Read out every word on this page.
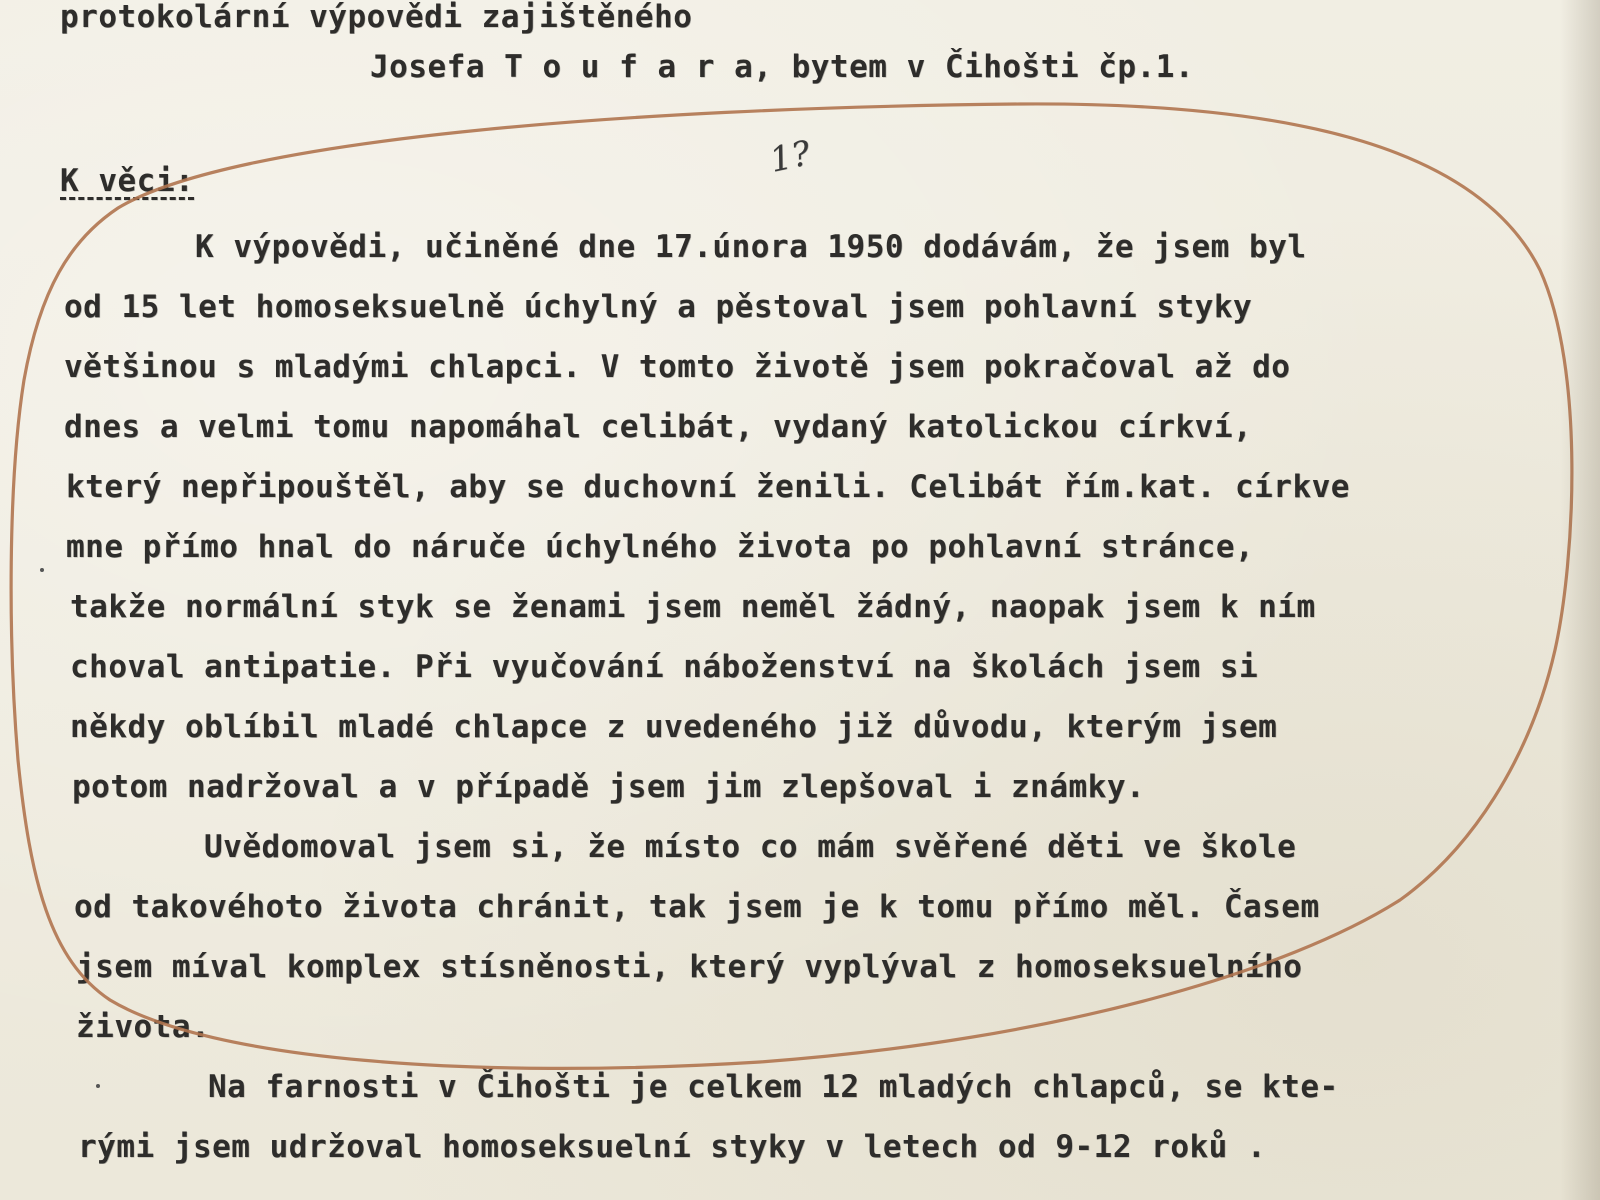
protokolární výpovědi zajištěného
Josefa T o u f a r a, bytem v Čihošti čp.1.
K věci:
1?
K výpovědi, učiněné dne 17.února 1950 dodávám, že jsem byl
od 15 let homoseksuelně úchylný a pěstoval jsem pohlavní styky
většinou s mladými chlapci. V tomto životě jsem pokračoval až do
dnes a velmi tomu napomáhal celibát, vydaný katolickou církví,
který nepřipouštěl, aby se duchovní ženili. Celibát řím.kat. církve
mne přímo hnal do náruče úchylného života po pohlavní stránce,
takže normální styk se ženami jsem neměl žádný, naopak jsem k ním
choval antipatie. Při vyučování náboženství na školách jsem si
někdy oblíbil mladé chlapce z uvedeného již důvodu, kterým jsem
potom nadržoval a v případě jsem jim zlepšoval i známky.
Uvědomoval jsem si, že místo co mám svěřené děti ve škole
od takovéhoto života chránit, tak jsem je k tomu přímo měl. Časem
jsem míval komplex stísněnosti, který vyplýval z homoseksuelního
života.
Na farnosti v Čihošti je celkem 12 mladých chlapců, se kte-
rými jsem udržoval homoseksuelní styky v letech od 9-12 roků .
